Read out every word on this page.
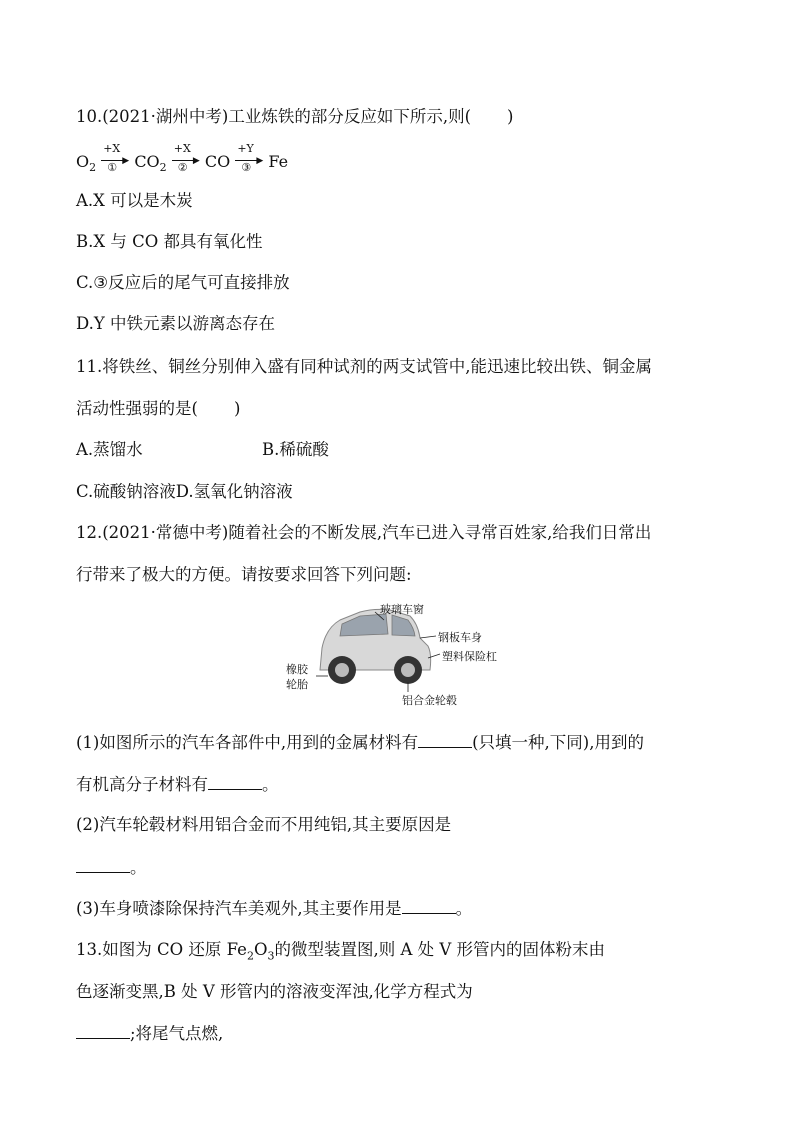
10.(2021·湖州中考)工业炼铁的部分反应如下所示,则( )
$O_2$
+X
▶
① $CO_2$
+X
▶
② CO
+Y
▶
③ Fe
A.X 可以是木炭
B.X 与 CO 都具有氧化性
C.③反应后的尾气可直接排放
D.Y 中铁元素以游离态存在
11.将铁丝、铜丝分别伸入盛有同种试剂的两支试管中,能迅速比较出铁、铜金属
活动性强弱的是( )
A.蒸馏水	B.稀硫酸
C.硫酸钠溶液D.氢氧化钠溶液
12.(2021·常德中考)随着社会的不断发展,汽车已进入寻常百姓家,给我们日常出
行带来了极大的方便。请按要求回答下列问题:
玻璃车窗
钢板车身
塑料保险杠
橡胶
轮胎
铝合金轮毂
(1)如图所示的汽车各部件中,用到的金属材料有	(只填一种,下同),用到的
有机高分子材料有	。
(2)汽车轮毂材料用铝合金而不用纯铝,其主要原因是
。
(3)车身喷漆除保持汽车美观外,其主要作用是	。
13.如图为 CO 还原 $Fe_2O_3$的微型装置图,则 A 处 V 形管内的固体粉末由
色逐渐变黑,B 处 V 形管内的溶液变浑浊,化学方程式为
;将尾气点燃,
